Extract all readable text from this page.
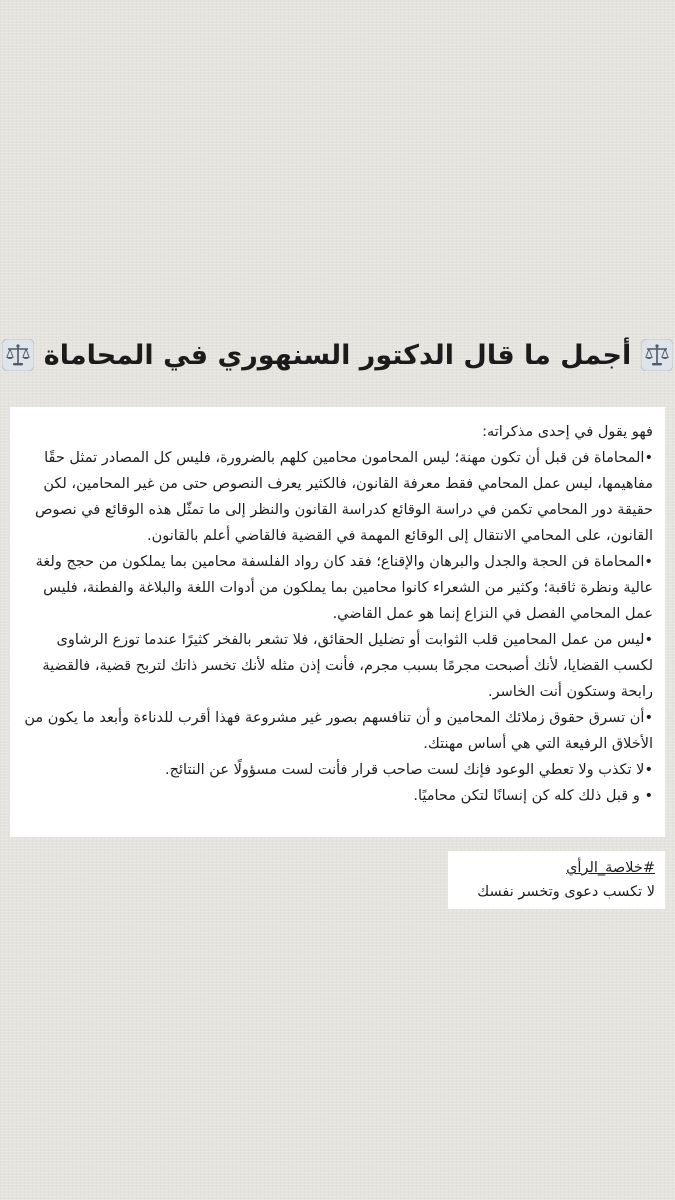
أجمل ما قال الدكتور السنهوري في المحاماة

فهو يقول في إحدى مذكراته:

•المحاماة فن قبل أن تكون مهنة؛ ليس المحامون محامين كلهم بالضرورة، فليس كل المصادر تمثل حقًا مفاهيمها، ليس عمل المحامي فقط معرفة القانون، فالكثير يعرف النصوص حتى من غير المحامين، لكن حقيقة دور المحامي تكمن في دراسة الوقائع كدراسة القانون والنظر إلى ما تمثّل هذه الوقائع في نصوص القانون، على المحامي الانتقال إلى الوقائع المهمة في القضية فالقاضي أعلم بالقانون.

•المحاماة فن الحجة والجدل والبرهان والإقناع؛ فقد كان رواد الفلسفة محامين بما يملكون من حجج ولغة عالية ونظرة ثاقبة؛ وكثير من الشعراء كانوا محامين بما يملكون من أدوات اللغة والبلاغة والفطنة، فليس عمل المحامي الفصل في النزاع إنما هو عمل القاضي.

•ليس من عمل المحامين قلب الثوابت أو تضليل الحقائق، فلا تشعر بالفخر كثيرًا عندما توزع الرشاوى لكسب القضايا، لأنك أصبحت مجرمًا بسبب مجرم، فأنت إذن مثله لأنك تخسر ذاتك لتربح قضية، فالقضية رابحة وستكون أنت الخاسر.

•أن تسرق حقوق زملائك المحامين و أن تنافسهم بصور غير مشروعة فهذا أقرب للدناءة وأبعد ما يكون من الأخلاق الرفيعة التي هي أساس مهنتك.

•لا تكذب ولا تعطي الوعود فإنك لست صاحب قرار فأنت لست مسؤولًا عن النتائج.

• و قبل ذلك كله كن إنسانًا لتكن محاميًا.

#خلاصة_الرأي
لا تكسب دعوى وتخسر نفسك
